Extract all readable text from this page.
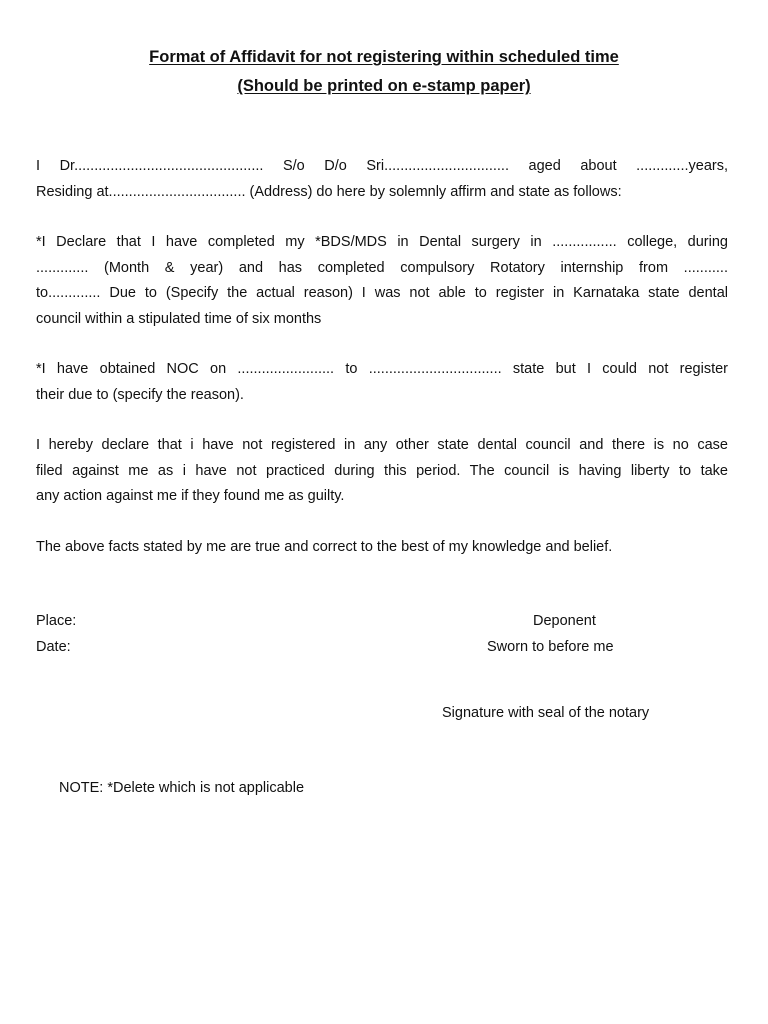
Format of Affidavit for not registering within scheduled time
(Should be printed on e-stamp paper)
I Dr............................................... S/o D/o Sri............................... aged about .............years,
Residing at.................................. (Address) do here by solemnly affirm and state as follows:
*I Declare that I have completed my *BDS/MDS in Dental surgery in ................ college, during
............. (Month & year) and has completed compulsory Rotatory internship from ...........
to............. Due to (Specify the actual reason) I was not able to register in Karnataka state dental
council within a stipulated time of six months
*I have obtained NOC on ........................ to ................................. state but I could not register
their due to (specify the reason).
I hereby declare that i have not registered in any other state dental council and there is no case
filed against me as i have not practiced during this period. The council is having liberty to take
any action against me if they found me as guilty.
The above facts stated by me are true and correct to the best of my knowledge and belief.
Place:
Date:
Deponent
Sworn to before me
Signature with seal of the notary
NOTE: *Delete which is not applicable
